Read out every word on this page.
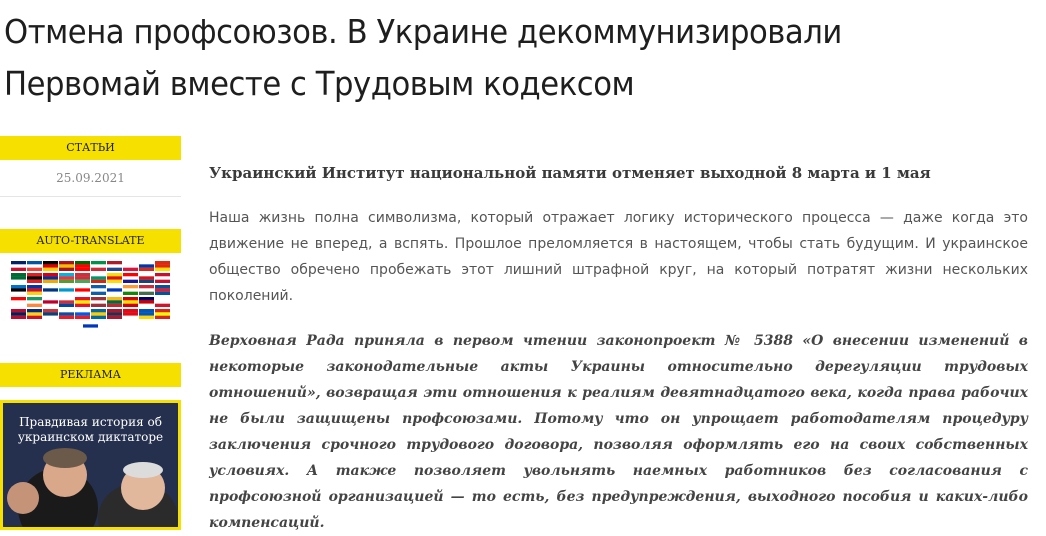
Отмена профсоюзов. В Украине декоммунизировали
Первомай вместе с Трудовым кодексом
СТАТЬИ
25.09.2021
AUTO-TRANSLATE
РЕКЛАМА
Правдивая история об украинском диктаторе

Украинский Институт национальной памяти отменяет выходной 8 марта и 1 мая

Наша жизнь полна символизма, который отражает логику исторического процесса — даже когда это движение не вперед, а вспять. Прошлое преломляется в настоящем, чтобы стать будущим. И украинское общество обречено пробежать этот лишний штрафной круг, на который потратят жизни нескольких поколений.

Верховная Рада приняла в первом чтении законопроект № 5388 «О внесении изменений в некоторые законодательные акты Украины относительно дерегуляции трудовых отношений», возвращая эти отношения к реалиям девятнадцатого века, когда права рабочих не были защищены профсоюзами. Потому что он упрощает работодателям процедуру заключения срочного трудового договора, позволяя оформлять его на своих собственных условиях. А также позволяет увольнять наемных работников без согласования с профсоюзной организацией — то есть, без предупреждения, выходного пособия и каких-либо компенсаций.
